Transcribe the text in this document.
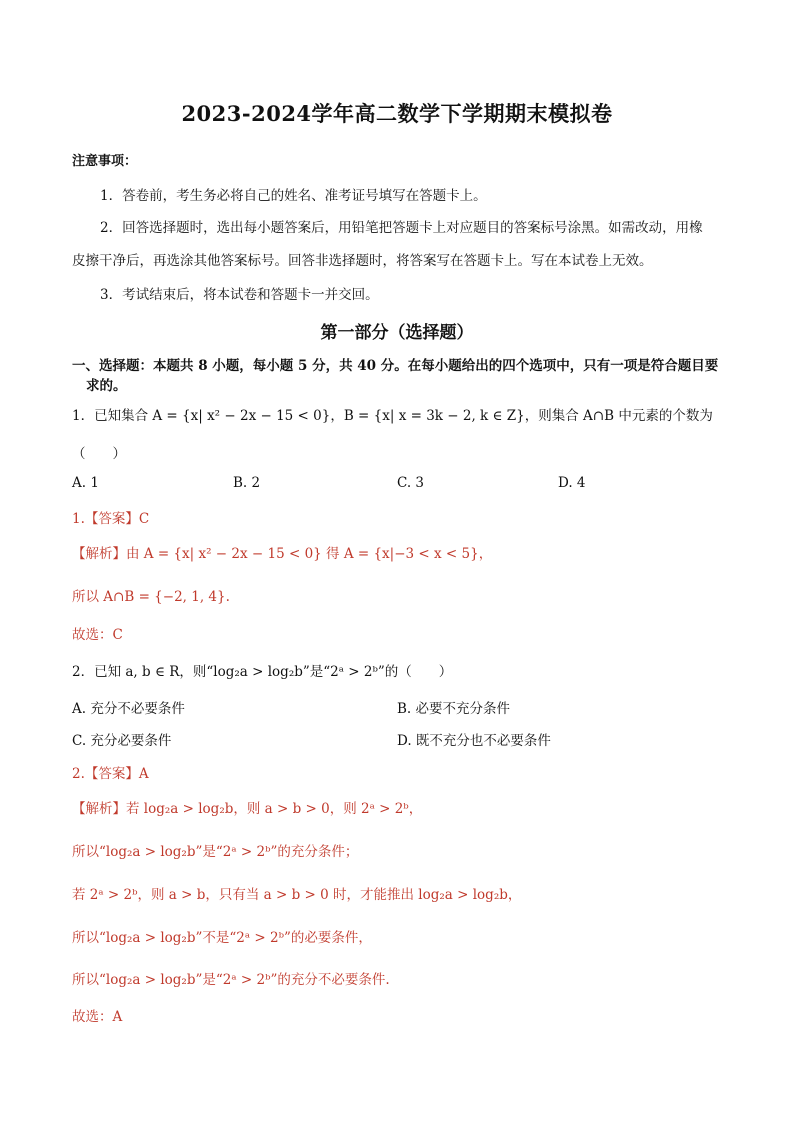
2023-2024学年高二数学下学期期末模拟卷
注意事项：
1．答卷前，考生务必将自己的姓名、准考证号填写在答题卡上。
2．回答选择题时，选出每小题答案后，用铅笔把答题卡上对应题目的答案标号涂黑。如需改动，用橡
皮擦干净后，再选涂其他答案标号。回答非选择题时，将答案写在答题卡上。写在本试卷上无效。
3．考试结束后，将本试卷和答题卡一并交回。
第一部分（选择题）
一、选择题：本题共 8 小题，每小题 5 分，共 40 分。在每小题给出的四个选项中，只有一项是符合题目要
求的。
1．已知集合 A = {x| x² − 2x − 15 < 0}，B = {x| x = 3k − 2, k ∈ Z}，则集合 A∩B 中元素的个数为
（　　）
A. 1	B. 2	C. 3	D. 4
1.【答案】C
【解析】由 A = {x| x² − 2x − 15 < 0} 得 A = {x|−3 < x < 5}，
所以 A∩B = {−2, 1, 4}.
故选：C
2．已知 a, b ∈ R，则“log₂a > log₂b”是“2ᵃ > 2ᵇ”的（　　）
A. 充分不必要条件	B. 必要不充分条件
C. 充分必要条件	D. 既不充分也不必要条件
2.【答案】A
【解析】若 log₂a > log₂b，则 a > b > 0，则 2ᵃ > 2ᵇ，
所以“log₂a > log₂b”是“2ᵃ > 2ᵇ”的充分条件；
若 2ᵃ > 2ᵇ，则 a > b，只有当 a > b > 0 时，才能推出 log₂a > log₂b，
所以“log₂a > log₂b”不是“2ᵃ > 2ᵇ”的必要条件，
所以“log₂a > log₂b”是“2ᵃ > 2ᵇ”的充分不必要条件.
故选：A
